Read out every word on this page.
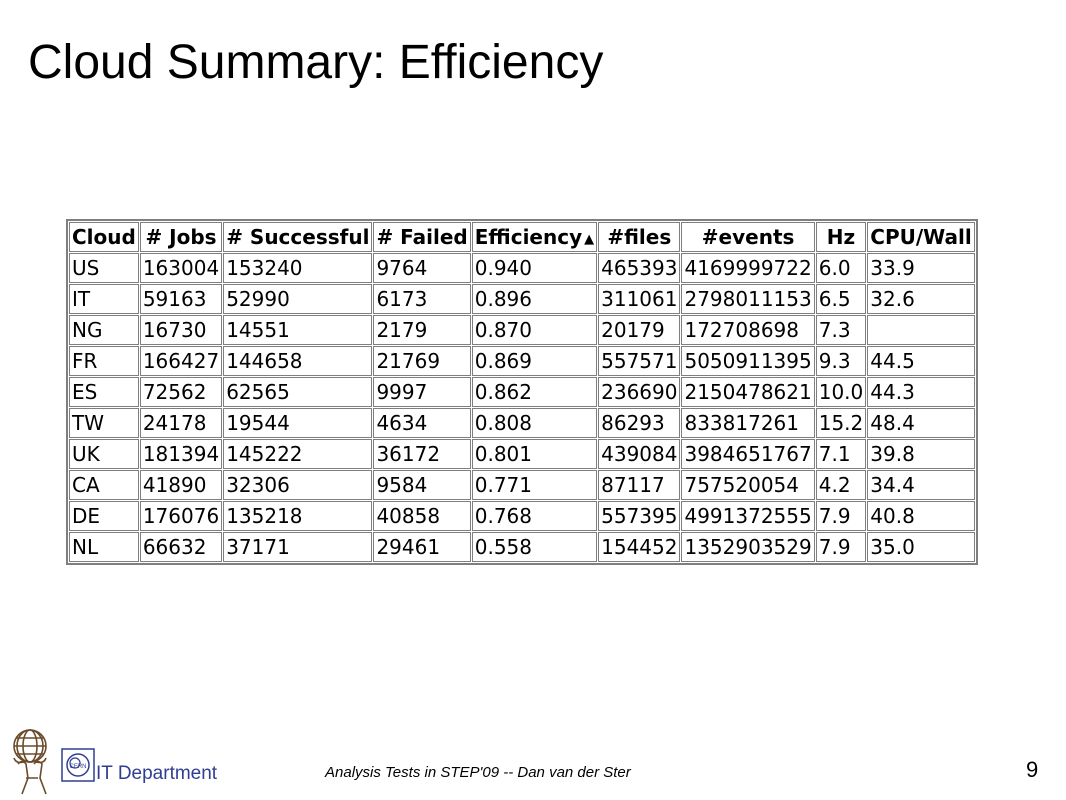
Cloud Summary: Efficiency
Cloud	# Jobs	# Successful	# Failed	Efficiency ▲	#files	#events	Hz	CPU/Wall
US	163004	153240	9764	0.940	465393	4169999722	6.0	33.9
IT	59163	52990	6173	0.896	311061	2798011153	6.5	32.6
NG	16730	14551	2179	0.870	20179	172708698	7.3	
FR	166427	144658	21769	0.869	557571	5050911395	9.3	44.5
ES	72562	62565	9997	0.862	236690	2150478621	10.0	44.3
TW	24178	19544	4634	0.808	86293	833817261	15.2	48.4
UK	181394	145222	36172	0.801	439084	3984651767	7.1	39.8
CA	41890	32306	9584	0.771	87117	757520054	4.2	34.4
DE	176076	135218	40858	0.768	557395	4991372555	7.9	40.8
NL	66632	37171	29461	0.558	154452	1352903529	7.9	35.0
CERN IT Department	Analysis Tests in STEP'09 -- Dan van der Ster	9
